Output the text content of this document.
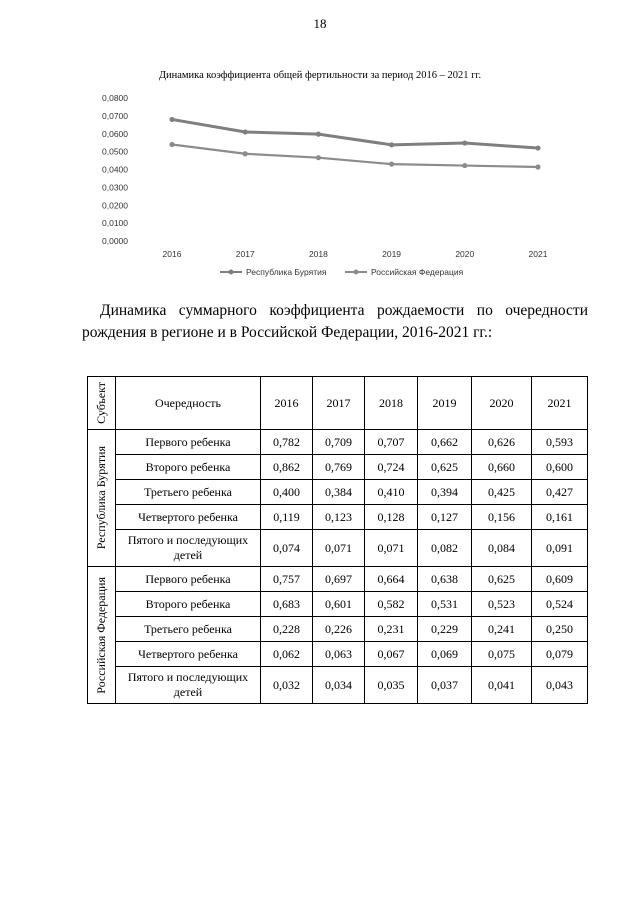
18
Динамика коэффициента общей фертильности за период 2016 – 2021 гг.
0,0000
0,0100
0,0200
0,0300
0,0400
0,0500
0,0600
0,0700
0,0800
2016	2017	2018	2019	2020	2021
Республика Бурятия	Российская Федерация
Динамика суммарного коэффициента рождаемости по очередности
рождения в регионе и в Российской Федерации, 2016-2021 гг.:
Субъект	Очередность	2016	2017	2018	2019	2020	2021

Республика Бурятия	Первого ребенка	0,782	0,709	0,707	0,662	0,626	0,593
	Второго ребенка	0,862	0,769	0,724	0,625	0,660	0,600
	Третьего ребенка	0,400	0,384	0,410	0,394	0,425	0,427
	Четвертого ребенка	0,119	0,123	0,128	0,127	0,156	0,161
	Пятого и последующих детей	0,074	0,071	0,071	0,082	0,084	0,091

Российская Федерация	Первого ребенка	0,757	0,697	0,664	0,638	0,625	0,609
	Второго ребенка	0,683	0,601	0,582	0,531	0,523	0,524
	Третьего ребенка	0,228	0,226	0,231	0,229	0,241	0,250
	Четвертого ребенка	0,062	0,063	0,067	0,069	0,075	0,079
	Пятого и последующих детей	0,032	0,034	0,035	0,037	0,041	0,043
